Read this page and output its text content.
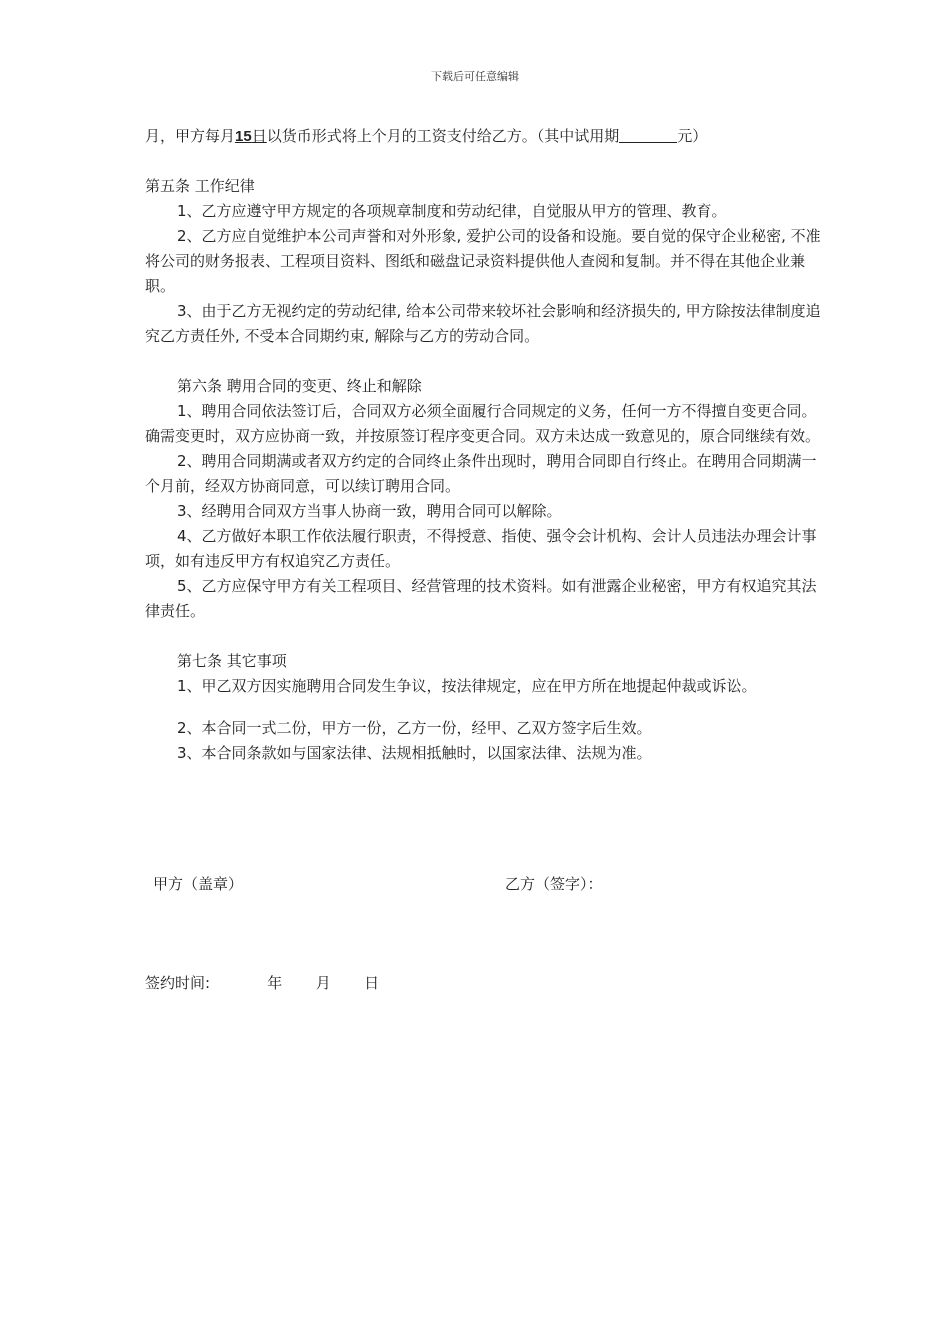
下载后可任意编辑

月，甲方每月15日以货币形式将上个月的工资支付给乙方。（其中试用期	元）

第五条 工作纪律

1、乙方应遵守甲方规定的各项规章制度和劳动纪律，自觉服从甲方的管理、教育。

2、乙方应自觉维护本公司声誉和对外形象, 爱护公司的设备和设施。要自觉的保守企业秘密, 不准将公司的财务报表、工程项目资料、图纸和磁盘记录资料提供他人查阅和复制。并不得在其他企业兼职。

3、由于乙方无视约定的劳动纪律, 给本公司带来较坏社会影响和经济损失的, 甲方除按法律制度追究乙方责任外, 不受本合同期约束, 解除与乙方的劳动合同。

第六条 聘用合同的变更、终止和解除

1、聘用合同依法签订后，合同双方必须全面履行合同规定的义务，任何一方不得擅自变更合同。确需变更时，双方应协商一致，并按原签订程序变更合同。双方未达成一致意见的，原合同继续有效。

2、聘用合同期满或者双方约定的合同终止条件出现时，聘用合同即自行终止。在聘用合同期满一个月前，经双方协商同意，可以续订聘用合同。

3、经聘用合同双方当事人协商一致，聘用合同可以解除。

4、乙方做好本职工作依法履行职责，不得授意、指使、强令会计机构、会计人员违法办理会计事项，如有违反甲方有权追究乙方责任。

5、乙方应保守甲方有关工程项目、经营管理的技术资料。如有泄露企业秘密，甲方有权追究其法律责任。

第七条 其它事项

1、甲乙双方因实施聘用合同发生争议，按法律规定，应在甲方所在地提起仲裁或诉讼。

2、本合同一式二份，甲方一份，乙方一份，经甲、乙双方签字后生效。

3、本合同条款如与国家法律、法规相抵触时，以国家法律、法规为准。

甲方（盖章）	乙方（签字）：
签约时间:	年 月 日
